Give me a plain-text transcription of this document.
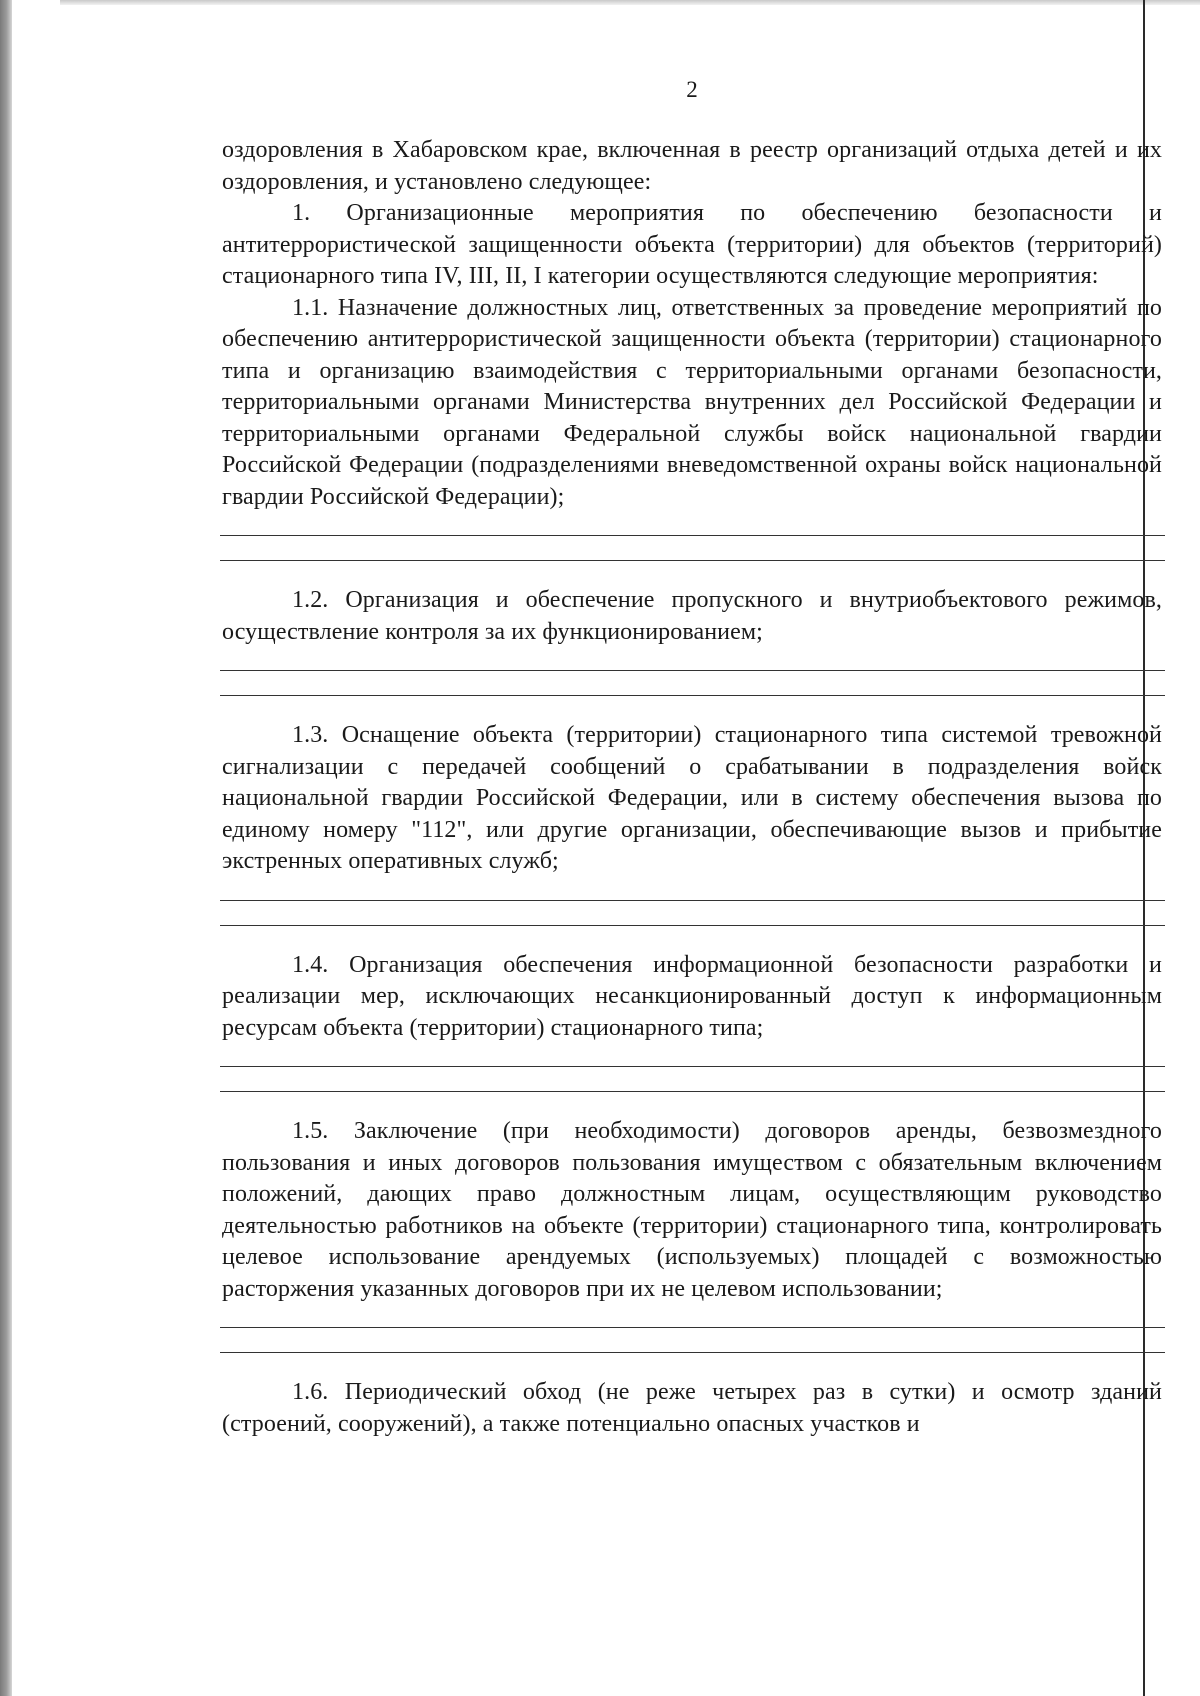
2

оздоровления в Хабаровском крае, включенная в реестр организаций отдыха детей и их оздоровления, и установлено следующее:

1. Организационные мероприятия по обеспечению безопасности и антитеррористической защищенности объекта (территории) для объектов (территорий) стационарного типа IV, III, II, I категории осуществляются следующие мероприятия:

1.1. Назначение должностных лиц, ответственных за проведение мероприятий по обеспечению антитеррористической защищенности объекта (территории) стационарного типа и организацию взаимодействия с территориальными органами безопасности, территориальными органами Министерства внутренних дел Российской Федерации и территориальными органами Федеральной службы войск национальной гвардии Российской Федерации (подразделениями вневедомственной охраны войск национальной гвардии Российской Федерации);

1.2. Организация и обеспечение пропускного и внутриобъектового режимов, осуществление контроля за их функционированием;

1.3. Оснащение объекта (территории) стационарного типа системой тревожной сигнализации с передачей сообщений о срабатывании в подразделения войск национальной гвардии Российской Федерации, или в систему обеспечения вызова по единому номеру "112", или другие организации, обеспечивающие вызов и прибытие экстренных оперативных служб;

1.4. Организация обеспечения информационной безопасности разработки и реализации мер, исключающих несанкционированный доступ к информационным ресурсам объекта (территории) стационарного типа;

1.5. Заключение (при необходимости) договоров аренды, безвозмездного пользования и иных договоров пользования имуществом с обязательным включением положений, дающих право должностным лицам, осуществляющим руководство деятельностью работников на объекте (территории) стационарного типа, контролировать целевое использование арендуемых (используемых) площадей с возможностью расторжения указанных договоров при их не целевом использовании;

1.6. Периодический обход (не реже четырех раз в сутки) и осмотр зданий (строений, сооружений), а также потенциально опасных участков и
